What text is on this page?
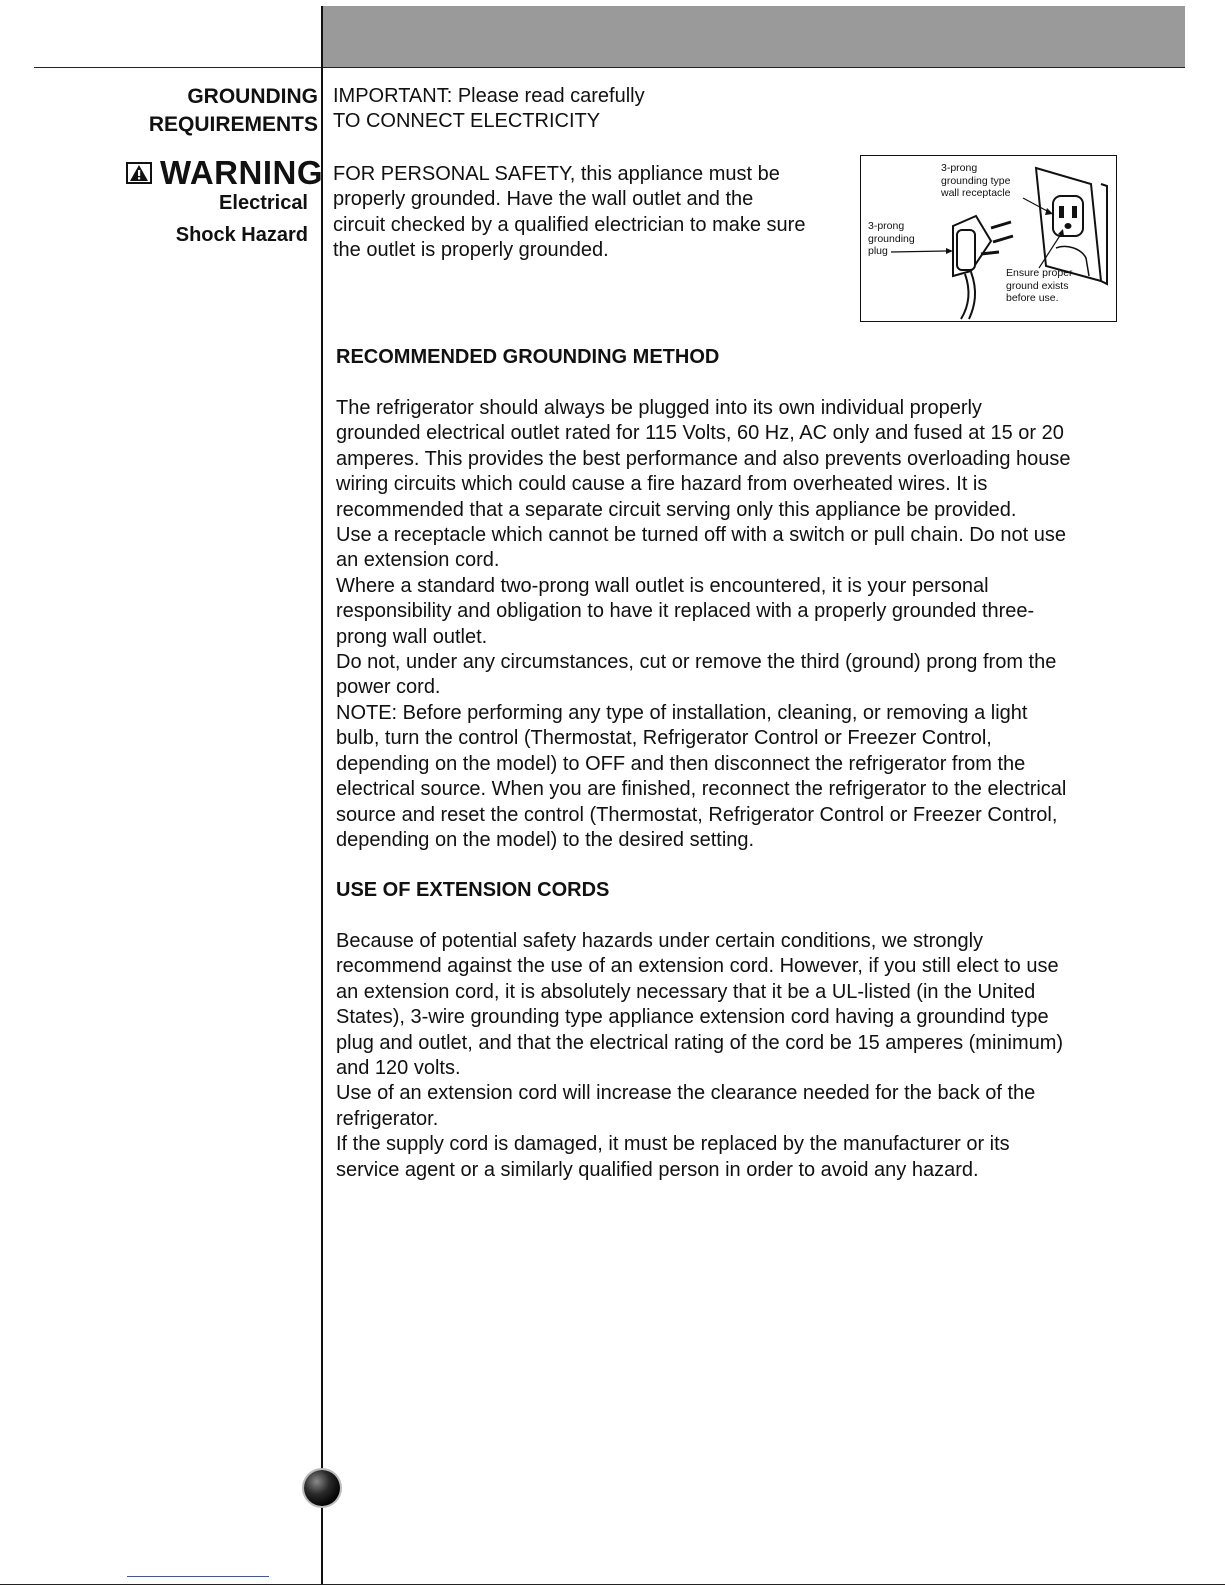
GROUNDING
REQUIREMENTS
WARNING
Electrical
Shock Hazard

IMPORTANT: Please read carefully

TO CONNECT ELECTRICITY

FOR PERSONAL SAFETY, this appliance must be

properly grounded. Have the wall outlet and the

circuit checked by a qualified electrician to make sure

the outlet is properly grounded.

3-prong
grounding type
wall receptacle
3-prong
grounding
plug
Ensure proper
ground exists
before use.

RECOMMENDED GROUNDING METHOD

The refrigerator should always be plugged into its own individual properly

grounded electrical outlet rated for 115 Volts, 60 Hz, AC only and fused at 15 or 20

amperes. This provides the best performance and also prevents overloading house

wiring circuits which could cause a fire hazard from overheated wires. It is

recommended that a separate circuit serving only this appliance be provided.

Use a receptacle which cannot be turned off with a switch or pull chain. Do not use

an extension cord.

Where a standard two-prong wall outlet is encountered, it is your personal

responsibility and obligation to have it replaced with a properly grounded three-

prong wall outlet.

Do not, under any circumstances, cut or remove the third (ground) prong from the

power cord.

NOTE: Before performing any type of installation, cleaning, or removing a light

bulb, turn the control (Thermostat, Refrigerator Control or Freezer Control,

depending on the model) to OFF and then disconnect the refrigerator from the

electrical source. When you are finished, reconnect the refrigerator to the electrical

source and reset the control (Thermostat, Refrigerator Control or Freezer Control,

depending on the model) to the desired setting.

USE OF EXTENSION CORDS

Because of potential safety hazards under certain conditions, we strongly

recommend against the use of an extension cord. However, if you still elect to use

an extension cord, it is absolutely necessary that it be a UL-listed (in the United

States), 3-wire grounding type appliance extension cord having a groundind type

plug and outlet, and that the electrical rating of the cord be 15 amperes (minimum)

and 120 volts.

Use of an extension cord will increase the clearance needed for the back of the

refrigerator.

If the supply cord is damaged, it must be replaced by the manufacturer or its

service agent or a similarly qualified person in order to avoid any hazard.
